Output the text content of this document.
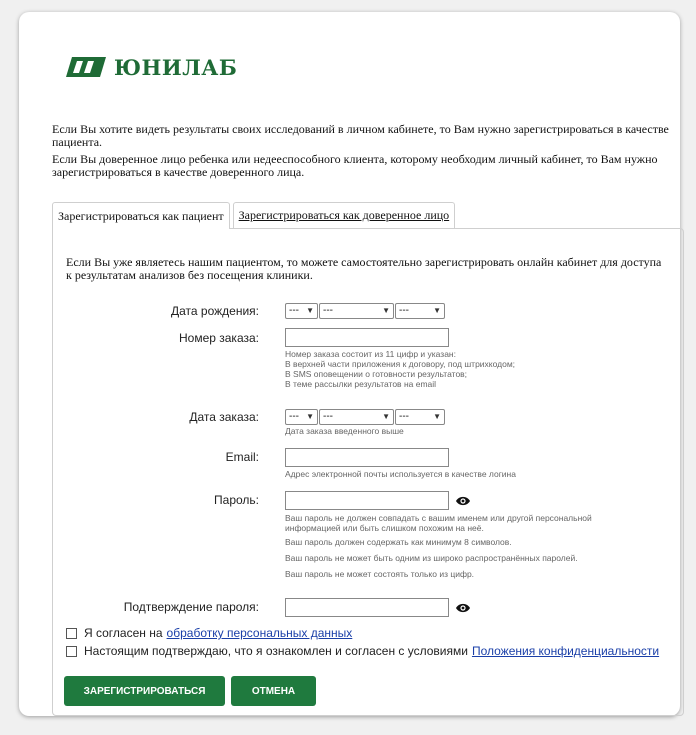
ЮНИЛАБ

Если Вы хотите видеть результаты своих исследований в личном кабинете, то Вам нужно зарегистрироваться в качестве пациента.

Если Вы доверенное лицо ребенка или недееспособного клиента, которому необходим личный кабинет, то Вам нужно зарегистрироваться в качестве доверенного лица.

Зарегистрироваться как пациент	Зарегистрироваться как доверенное лицо
Если Вы уже являетесь нашим пациентом, то можете самостоятельно зарегистрировать онлайн кабинет для доступа к результатам анализов без посещения клиники.
Дата рождения:	--- ▼ ---	▼ ---	▼
Номер заказа:
Номер заказа состоит из 11 цифр и указан:
В верхней части приложения к договору, под штрихкодом;
В SMS оповещении о готовности результатов;
В теме рассылки результатов на email
Дата заказа:	--- ▼ ---	▼ ---	▼
Дата заказа введенного выше
Email:
Адрес электронной почты используется в качестве логина
Пароль:
Ваш пароль не должен совпадать с вашим именем или другой персональной информацией или быть слишком похожим на неё.
Ваш пароль должен содержать как минимум 8 символов.
Ваш пароль не может быть одним из широко распространённых паролей.
Ваш пароль не может состоять только из цифр.
Подтверждение пароля:
Я согласен на обработку персональных данных
Настоящим подтверждаю, что я ознакомлен и согласен с условиями Положения конфиденциальности
ЗАРЕГИСТРИРОВАТЬСЯ	ОТМЕНА
